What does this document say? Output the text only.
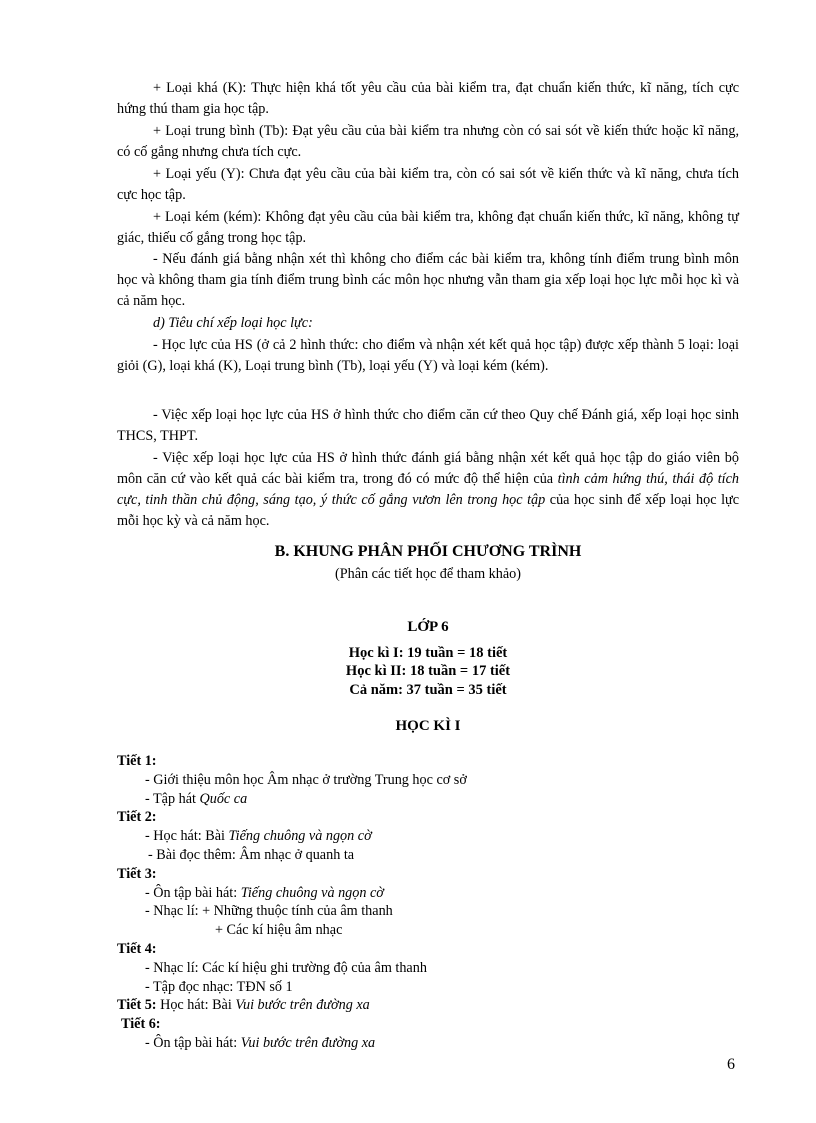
+ Loại khá (K): Thực hiện khá tốt yêu cầu của bài kiểm tra, đạt chuẩn kiến thức, kĩ năng, tích cực hứng thú tham gia học tập.
+ Loại trung bình (Tb): Đạt yêu cầu của bài kiểm tra nhưng còn có sai sót về kiến thức hoặc kĩ năng, có cố gắng nhưng chưa tích cực.
+ Loại yếu (Y): Chưa đạt yêu cầu của bài kiểm tra, còn có sai sót về kiến thức và kĩ năng, chưa tích cực học tập.
+ Loại kém (kém): Không đạt yêu cầu của bài kiểm tra, không đạt chuẩn kiến thức, kĩ năng, không tự giác, thiếu cố gắng trong học tập.
- Nếu đánh giá bằng nhận xét thì không cho điểm các bài kiểm tra, không tính điểm trung bình môn học và không tham gia tính điểm trung bình các môn học nhưng vẫn tham gia xếp loại học lực mỗi học kì và cả năm học.
d) Tiêu chí xếp loại học lực:
- Học lực của HS (ở cả 2 hình thức: cho điểm và nhận xét kết quả học tập) được xếp thành 5 loại: loại giỏi (G), loại khá (K), Loại trung bình (Tb), loại yếu (Y) và loại kém (kém).
- Việc xếp loại học lực của HS ở hình thức cho điểm căn cứ theo Quy chế Đánh giá, xếp loại học sinh THCS, THPT.
- Việc xếp loại học lực của HS ở hình thức đánh giá bằng nhận xét kết quả học tập do giáo viên bộ môn căn cứ vào kết quả các bài kiểm tra, trong đó có mức độ thể hiện của tình cảm hứng thú, thái độ tích cực, tinh thần chủ động, sáng tạo, ý thức cố gắng vươn lên trong học tập của học sinh để xếp loại học lực mỗi học kỳ và cả năm học.
B. KHUNG PHÂN PHỐI CHƯƠNG TRÌNH
(Phân các tiết học để tham khảo)
LỚP 6
Học kì I: 19 tuần = 18 tiết
Học kì II: 18 tuần = 17 tiết
Cả năm: 37 tuần = 35 tiết
HỌC KÌ I
Tiết 1:
- Giới thiệu môn học Âm nhạc ở trường Trung học cơ sở
- Tập hát Quốc ca
Tiết 2:
- Học hát: Bài Tiếng chuông và ngọn cờ
- Bài đọc thêm: Âm nhạc ở quanh ta
Tiết 3:
- Ôn tập bài hát: Tiếng chuông và ngọn cờ
- Nhạc lí: + Những thuộc tính của âm thanh
+ Các kí hiệu âm nhạc
Tiết 4:
- Nhạc lí: Các kí hiệu ghi trường độ của âm thanh
- Tập đọc nhạc: TĐN số 1
Tiết 5: Học hát: Bài Vui bước trên đường xa
Tiết 6:
- Ôn tập bài hát: Vui bước trên đường xa
6
